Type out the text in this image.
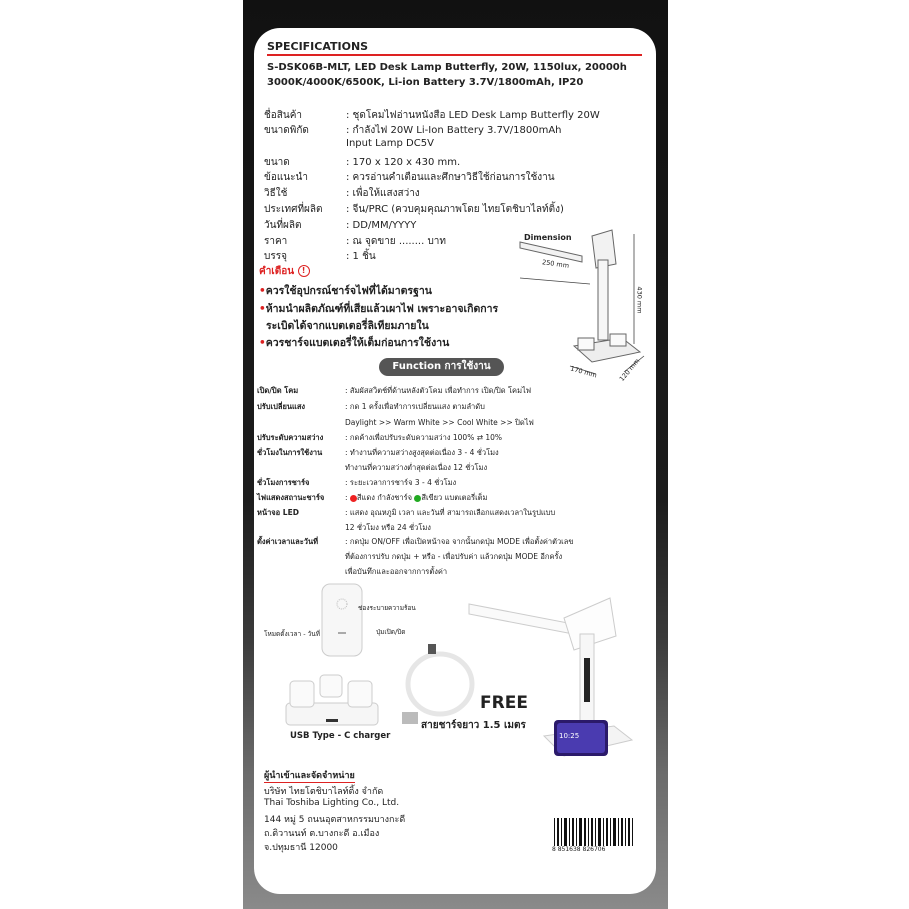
SPECIFICATIONS
S-DSK06B-MLT, LED Desk Lamp Butterfly, 20W, 1150lux, 20000h
3000K/4000K/6500K, Li-ion Battery 3.7V/1800mAh, IP20
ชื่อสินค้า	: ชุดโคมไฟอ่านหนังสือ LED Desk Lamp Butterfly 20W
ขนาดพิกัด	: กำลังไฟ 20W Li-Ion Battery 3.7V/1800mAh
Input Lamp DC5V
ขนาด	: 170 x 120 x 430 mm.
ข้อแนะนำ	: ควรอ่านคำเตือนและศึกษาวิธีใช้ก่อนการใช้งาน
วิธีใช้	: เพื่อให้แสงสว่าง
ประเทศที่ผลิต : จีน/PRC (ควบคุมคุณภาพโดย ไทยโตชิบาไลท์ติ้ง)
วันที่ผลิต	: DD/MM/YYYY
ราคา	: ณ จุดขาย ........ บาท
บรรจุ	: 1 ชิ้น
คำเตือน !
•ควรใช้อุปกรณ์ชาร์จไฟที่ได้มาตรฐาน
•ห้ามนำผลิตภัณฑ์ที่เสียแล้วเผาไฟ เพราะอาจเกิดการ
ระเบิดได้จากแบตเตอรี่ลิเทียมภายใน
•ควรชาร์จแบตเตอรี่ให้เต็มก่อนการใช้งาน
Dimension
250 mm
430 mm
170 mm	120 mm
Function การใช้งาน
เปิด/ปิด โคม	: สัมผัสสวิตช์ที่ด้านหลังตัวโคม เพื่อทำการ เปิด/ปิด โคมไฟ
ปรับเปลี่ยนแสง	: กด 1 ครั้งเพื่อทำการเปลี่ยนแสง ตามลำดับ
Daylight >> Warm White >> Cool White >> ปิดไฟ
ปรับระดับความสว่าง	: กดค้างเพื่อปรับระดับความสว่าง 100% ⇄ 10%
ชั่วโมงในการใช้งาน	: ทำงานที่ความสว่างสูงสุดต่อเนื่อง 3 - 4 ชั่วโมง
ทำงานที่ความสว่างต่ำสุดต่อเนื่อง 12 ชั่วโมง
ชั่วโมงการชาร์จ	: ระยะเวลาการชาร์จ 3 - 4 ชั่วโมง
ไฟแสดงสถานะชาร์จ	: สีแดง กำลังชาร์จ สีเขียว แบตเตอรี่เต็ม
หน้าจอ LED	: แสดง อุณหภูมิ เวลา และวันที่ สามารถเลือกแสดงเวลาในรูปแบบ
12 ชั่วโมง หรือ 24 ชั่วโมง
ตั้งค่าเวลาและวันที่	: กดปุ่ม ON/OFF เพื่อเปิดหน้าจอ จากนั้นกดปุ่ม MODE เพื่อตั้งค่าตัวเลข
ที่ต้องการปรับ กดปุ่ม + หรือ - เพื่อปรับค่า แล้วกดปุ่ม MODE อีกครั้ง
เพื่อบันทึกและออกจากการตั้งค่า
ช่องระบายความร้อน
โหมดตั้งเวลา - วันที่	ปุ่มเปิด/ปิด
USB Type - C charger
FREE
สายชาร์จยาว 1.5 เมตร
10:25
ผู้นำเข้าและจัดจำหน่าย
บริษัท ไทยโตชิบาไลท์ติ้ง จำกัด
Thai Toshiba Lighting Co., Ltd.
144 หมู่ 5 ถนนอุตสาหกรรมบางกะดี
ถ.ติวานนท์ ต.บางกะดี อ.เมือง
จ.ปทุมธานี 12000	8 851638 826706
